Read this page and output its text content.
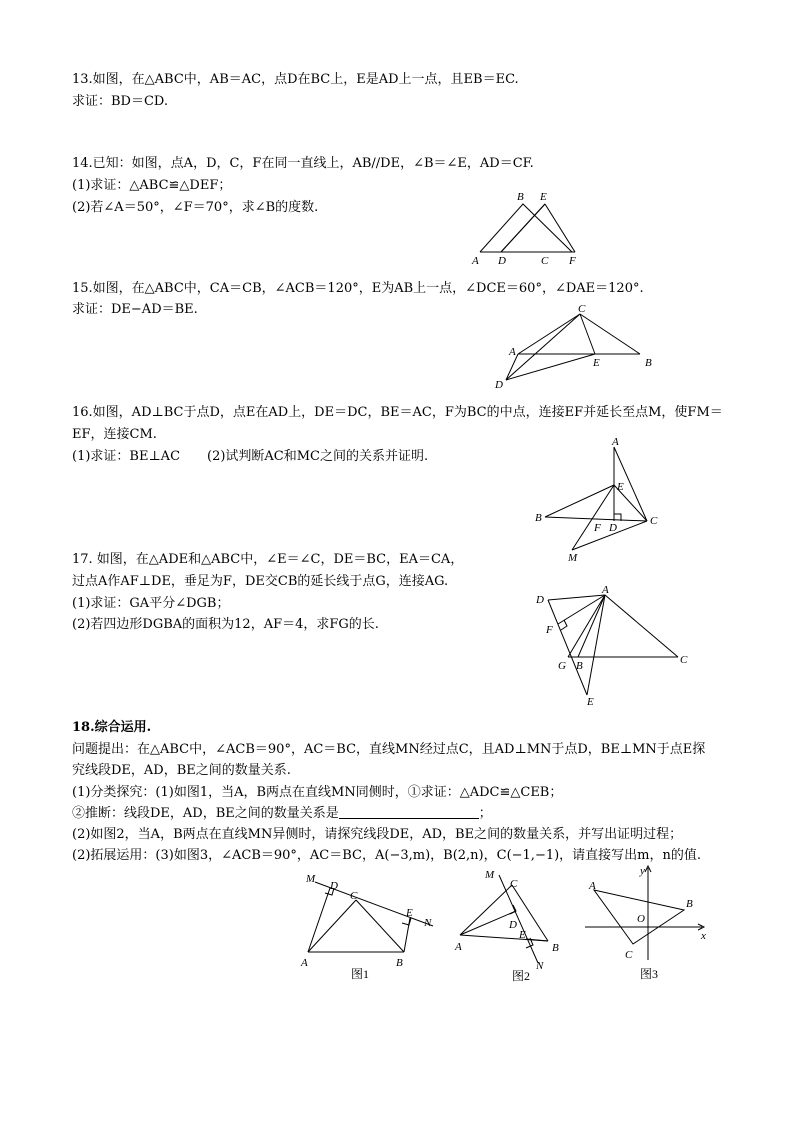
13.如图，在△ABC中，AB＝AC，点D在BC上，E是AD上一点，且EB＝EC.
求证：BD＝CD.
14.已知：如图，点A，D，C，F在同一直线上，AB//DE，∠B＝∠E，AD＝CF.
(1)求证：△ABC≌△DEF；
(2)若∠A＝50°，∠F＝70°，求∠B的度数.
A D	C F
B E
15.如图，在△ABC中，CA＝CB，∠ACB＝120°，E为AB上一点，∠DCE＝60°，∠DAE＝120°.
求证：DE−AD＝BE.	C
A
E	B
D
16.如图，AD⊥BC于点D，点E在AD上，DE＝DC，BE＝AC，F为BC的中点，连接EF并延长至点M，使FM＝
EF，连接CM.
(1)求证：BE⊥AC (2)试判断AC和MC之间的关系并证明.
A
E
B
F D
C
M
17. 如图，在△ADE和△ABC中，∠E＝∠C，DE＝BC，EA＝CA，
过点A作AF⊥DE，垂足为F，DE交CB的延长线于点G，连接AG.
(1)求证：GA平分∠DGB；
(2)若四边形DGBA的面积为12，AF＝4，求FG的长.
D
A
F
G B	C
E
18.综合运用.
问题提出：在△ABC中，∠ACB＝90°，AC＝BC，直线MN经过点C，且AD⊥MN于点D，BE⊥MN于点E探
究线段DE，AD，BE之间的数量关系.
(1)分类探究：(1)如图1，当A，B两点在直线MN同侧时，①求证：△ADC≌△CEB；
②推断：线段DE，AD，BE之间的数量关系是	；
(2)如图2，当A，B两点在直线MN异侧时，请探究线段DE，AD，BE之间的数量关系，并写出证明过程；
(2)拓展运用：(3)如图3，∠ACB＝90°，AC＝BC，A(−3,m)，B(2,n)，C(−1,−1)，请直接写出m，n的值.
M
D
C
E
N
A	B
图1
M
C
D
E
A	B
N
图2
y
A
B
O
x
C
图3
